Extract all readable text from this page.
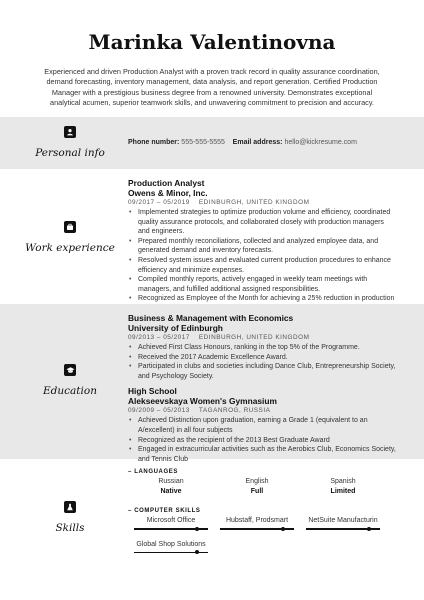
Marinka Valentinovna
Experienced and driven Production Analyst with a proven track record in quality assurance coordination, demand forecasting, inventory management, data analysis, and report generation. Certified Production Manager with a prestigious business degree from a renowned university. Demonstrates exceptional analytical acumen, superior teamwork skills, and unwavering commitment to precision and accuracy.
Personal info
Phone number: 555-555-5555 Email address: hello@kickresume.com
Work experience
Production Analyst
Owens & Minor, Inc.
09/2017 – 05/2019 EDINBURGH, UNITED KINGDOM
• Implemented strategies to optimize production volume and efficiency, coordinated quality assurance protocols, and collaborated closely with production managers and engineers.
• Prepared monthly reconciliations, collected and analyzed employee data, and generated demand and inventory forecasts.
• Resolved system issues and evaluated current production procedures to enhance efficiency and minimize expenses.
• Compiled monthly reports, actively engaged in weekly team meetings with managers, and fulfilled additional assigned responsibilities.
• Recognized as Employee of the Month for achieving a 25% reduction in production
Education
Business & Management with Economics
University of Edinburgh
09/2013 – 05/2017 EDINBURGH, UNITED KINGDOM
• Achieved First Class Honours, ranking in the top 5% of the Programme.
• Received the 2017 Academic Excellence Award.
• Participated in clubs and societies including Dance Club, Entrepreneurship Society, and Psychology Society.
High School
Alekseevskaya Women's Gymnasium
09/2009 – 05/2013 TAGANROG, RUSSIA
• Achieved Distinction upon graduation, earning a Grade 1 (equivalent to an A/excellent) in all four subjects
• Recognized as the recipient of the 2013 Best Graduate Award
• Engaged in extracurricular activities such as the Aerobics Club, Economics Society, and Tennis Club
Skills
– LANGUAGES
Russian
Native
English
Full
Spanish
Limited
– COMPUTER SKILLS
Microsoft Office	Hubstaff, Prodsmart	NetSuite Manufacturin
Global Shop Solutions
